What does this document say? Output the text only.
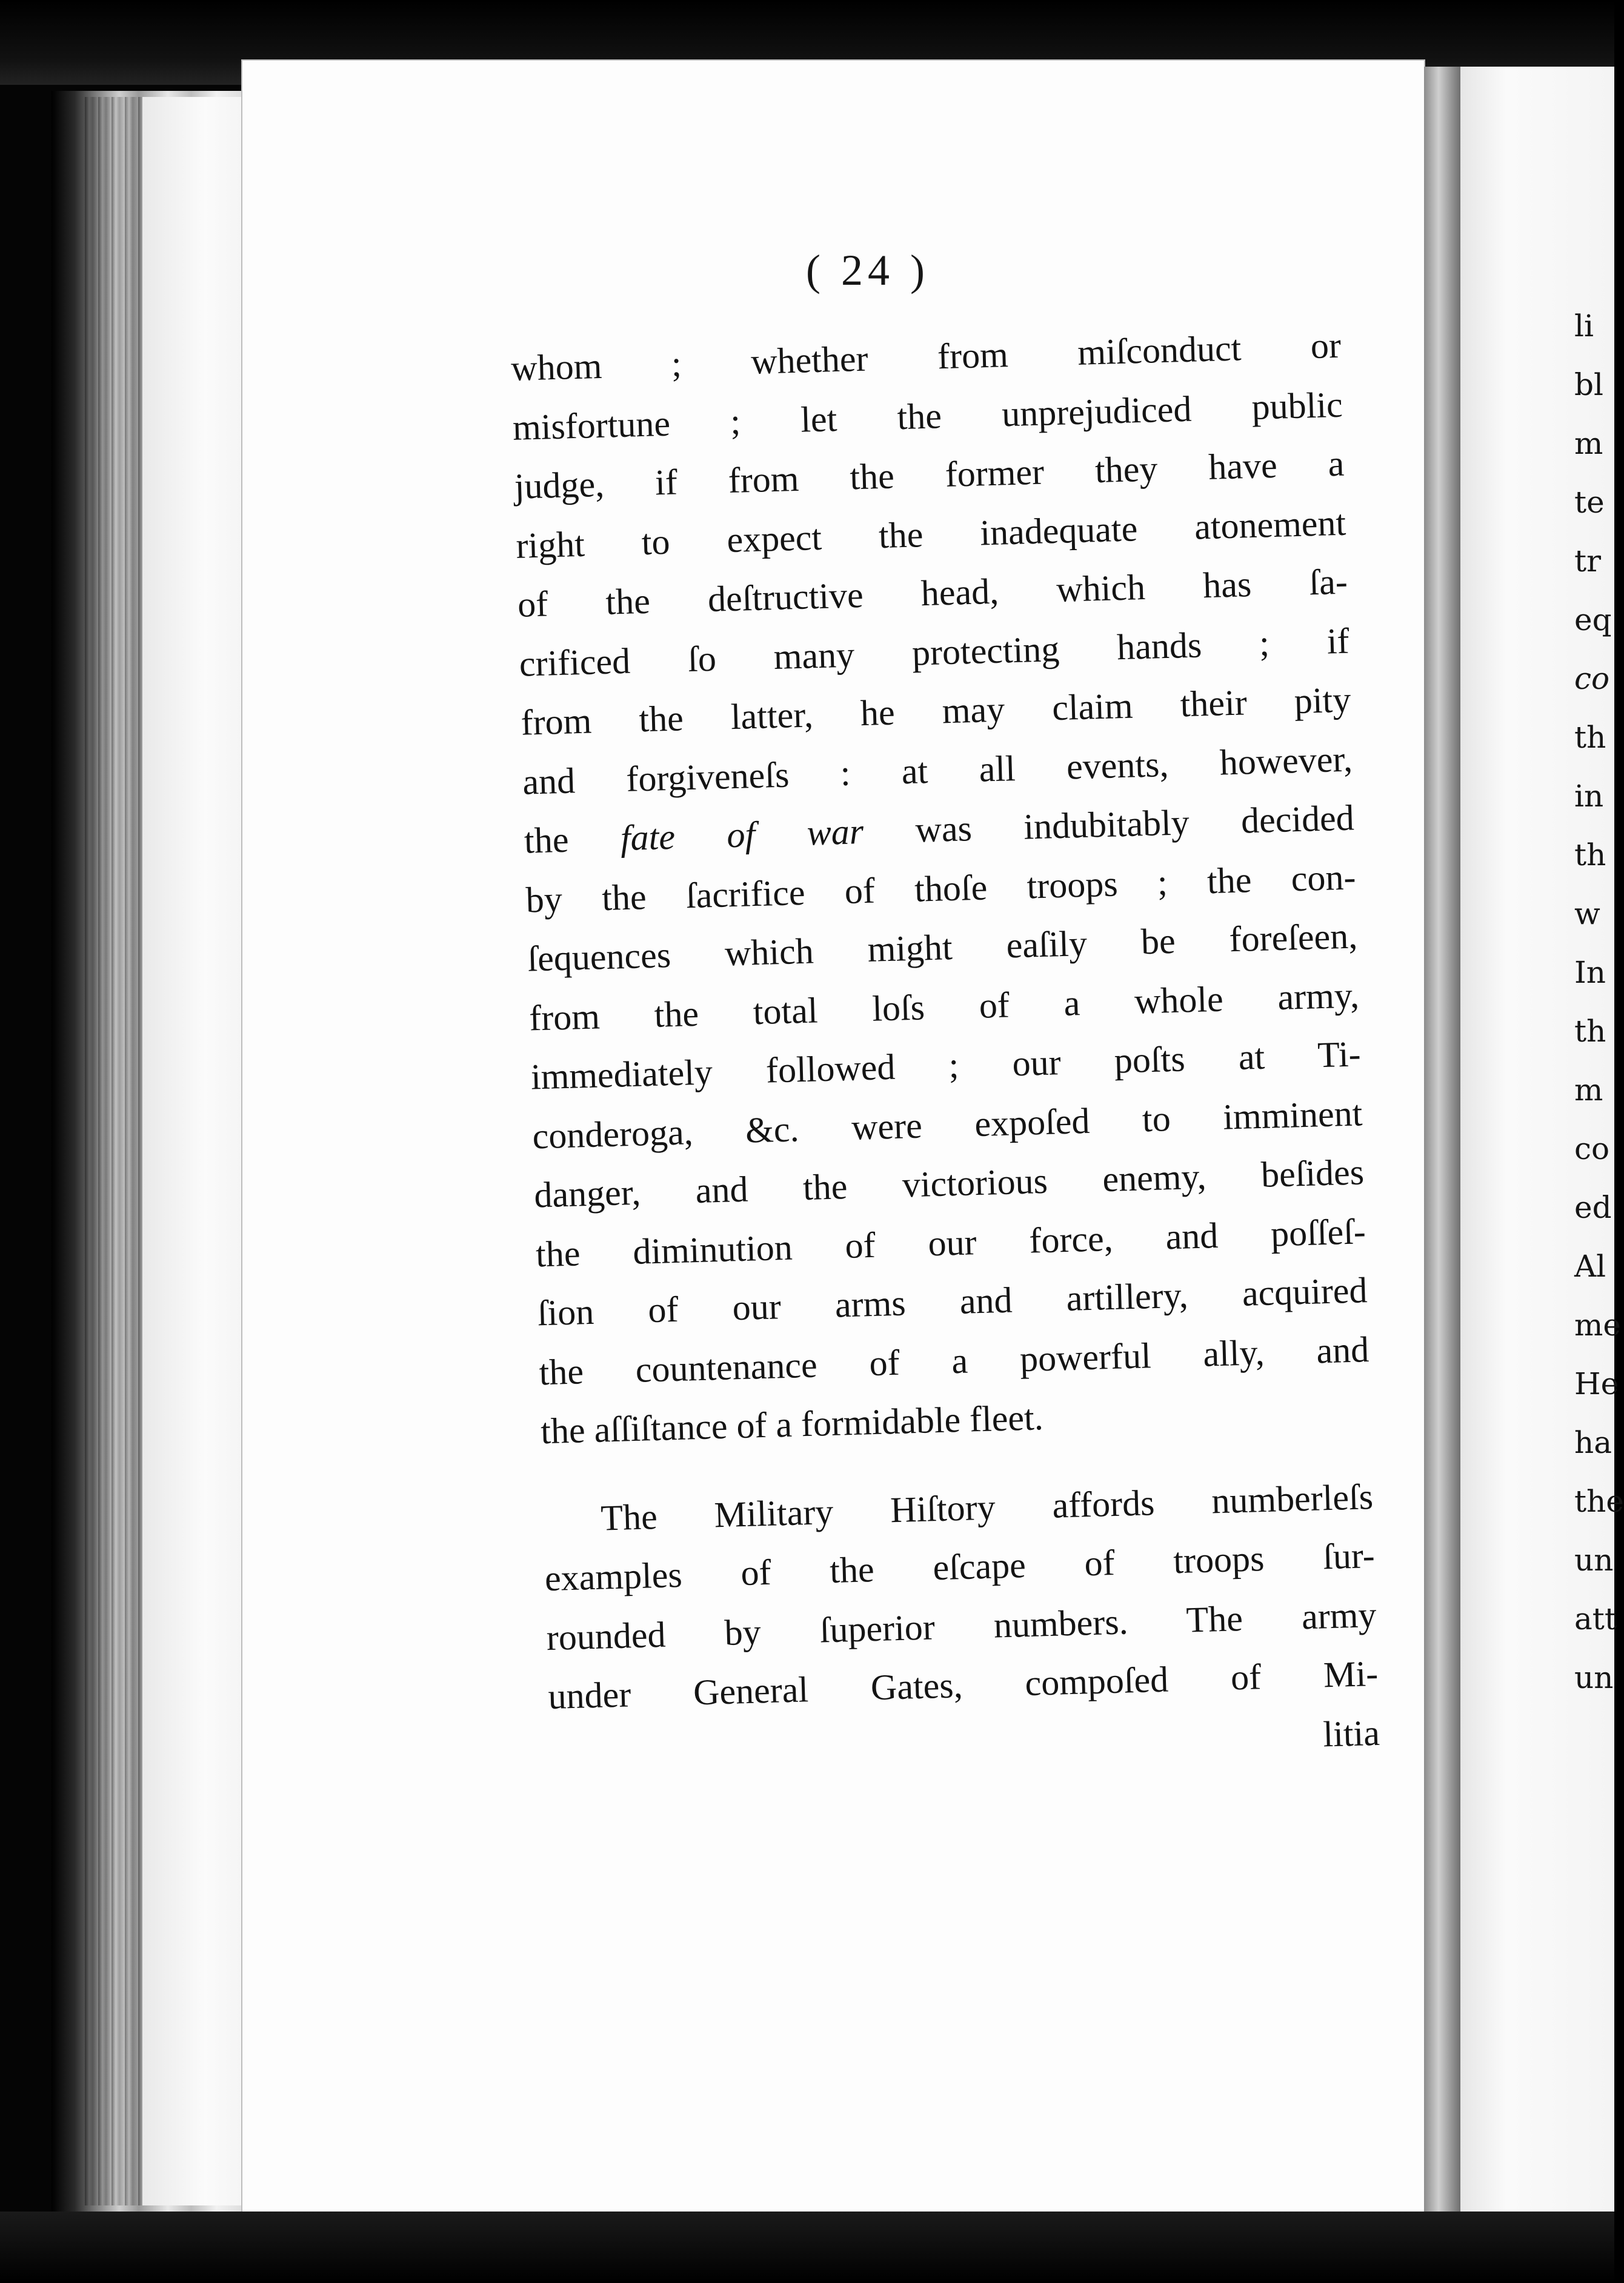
li
bl
m
te
tr
eq
co
th
in
th
w
In
th
m
co
ed
Al
me
He
ha
the
un
att
un
( 24 )
whom ; whether from miſconduct or
misfortune ; let the unprejudiced public
judge, if from the former they have a
right to expect the inadequate atonement
of the deſtructive head, which has ſa-
crificed ſo many protecting hands ; if
from the latter, he may claim their pity
and forgiveneſs : at all events, however,
the fate of war was indubitably decided
by the ſacrifice of thoſe troops ; the con-
ſequences which might eaſily be foreſeen,
from the total loſs of a whole army,
immediately followed ; our poſts at Ti-
conderoga, &c. were expoſed to imminent
danger, and the victorious enemy, beſides
the diminution of our force, and poſſeſ-
ſion of our arms and artillery, acquired
the countenance of a powerful ally, and
the aſſiſtance of a formidable fleet.
The Military Hiſtory affords numberleſs
examples of the eſcape of troops ſur-
rounded by ſuperior numbers. The army
under General Gates, compoſed of Mi-
litia
